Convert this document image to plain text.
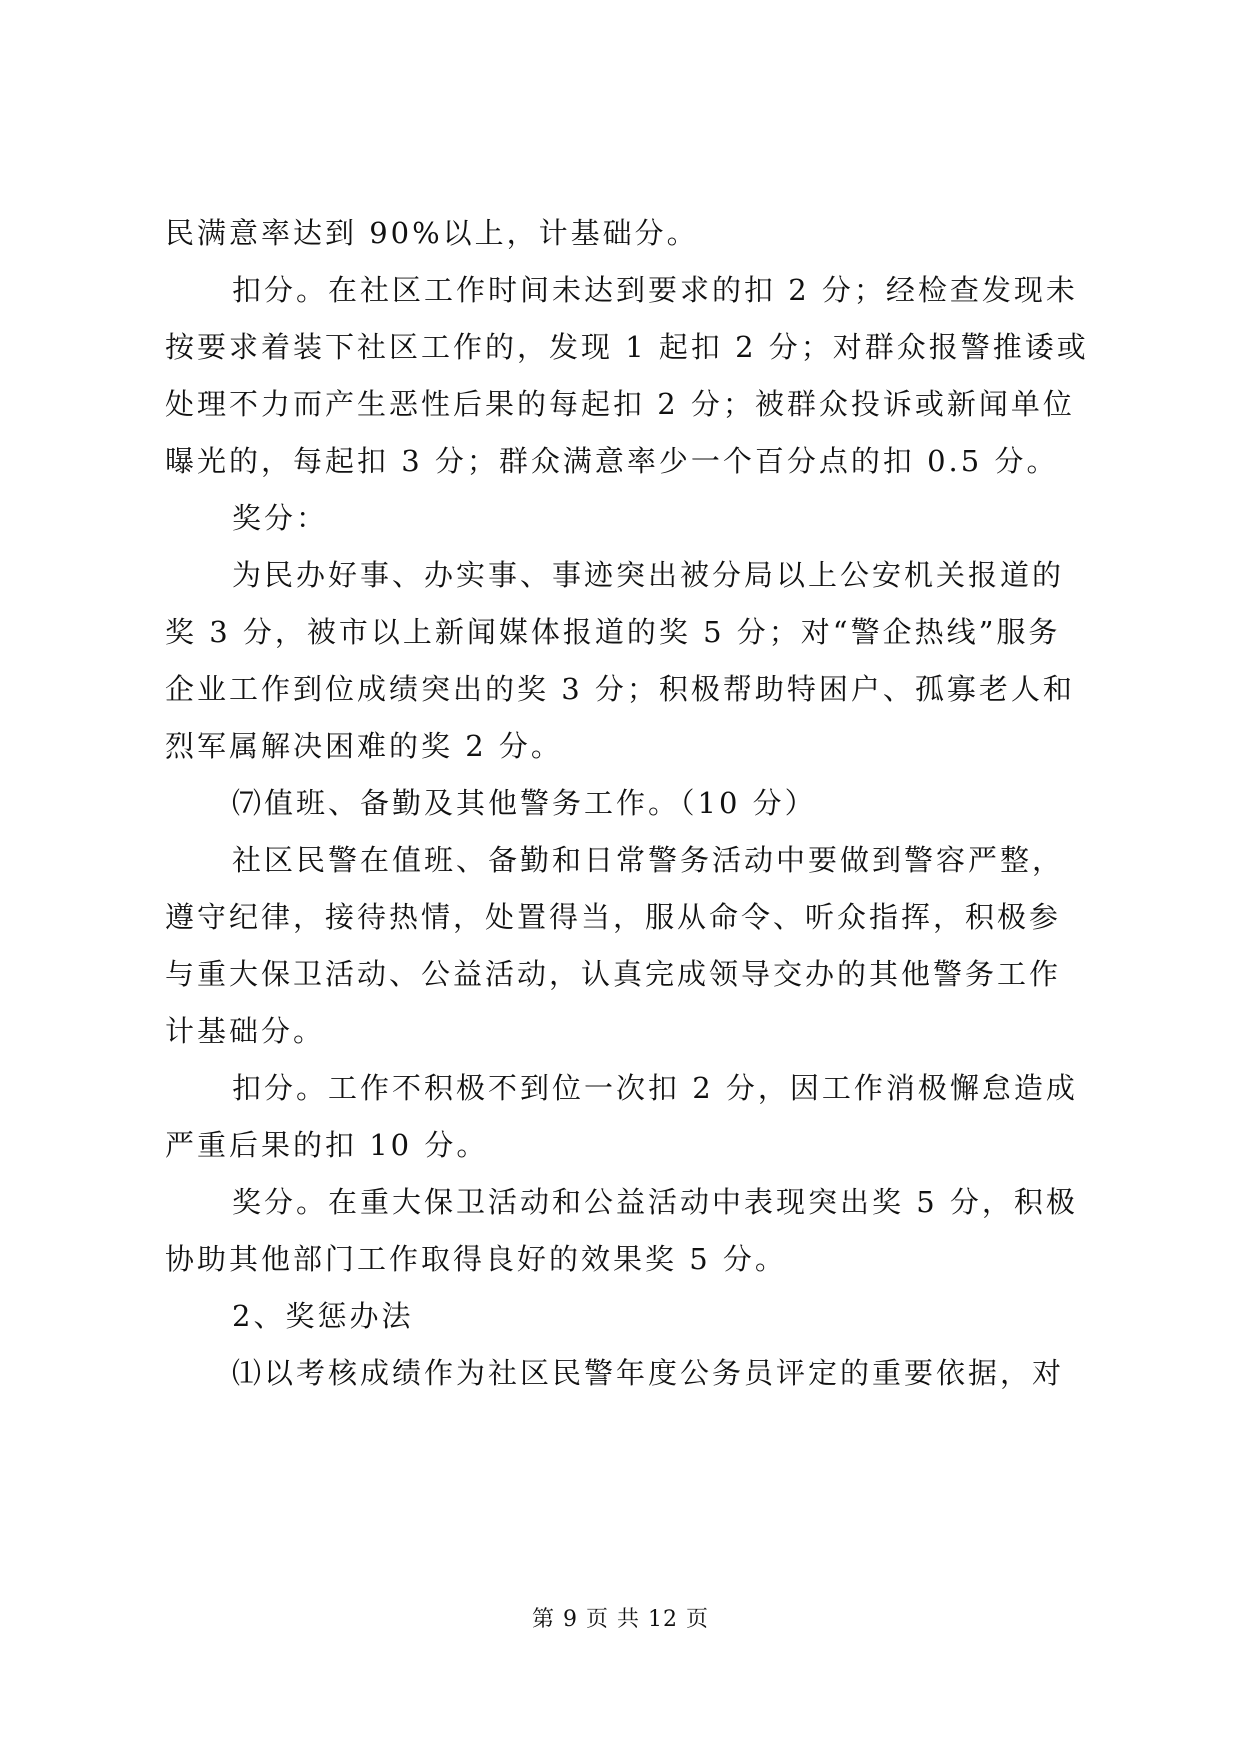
民满意率达到 90%以上，计基础分。
扣分。在社区工作时间未达到要求的扣 2 分；经检查发现未
按要求着装下社区工作的，发现 1 起扣 2 分；对群众报警推诿或
处理不力而产生恶性后果的每起扣 2 分；被群众投诉或新闻单位
曝光的，每起扣 3 分；群众满意率少一个百分点的扣 0.5 分。
奖分：
为民办好事、办实事、事迹突出被分局以上公安机关报道的
奖 3 分，被市以上新闻媒体报道的奖 5 分；对“警企热线”服务
企业工作到位成绩突出的奖 3 分；积极帮助特困户、孤寡老人和
烈军属解决困难的奖 2 分。
⑺值班、备勤及其他警务工作。（10 分）
社区民警在值班、备勤和日常警务活动中要做到警容严整，
遵守纪律，接待热情，处置得当，服从命令、听众指挥，积极参
与重大保卫活动、公益活动，认真完成领导交办的其他警务工作
计基础分。
扣分。工作不积极不到位一次扣 2 分，因工作消极懈怠造成
严重后果的扣 10 分。
奖分。在重大保卫活动和公益活动中表现突出奖 5 分，积极
协助其他部门工作取得良好的效果奖 5 分。
2、奖惩办法
⑴以考核成绩作为社区民警年度公务员评定的重要依据，对
第 9 页 共 12 页
